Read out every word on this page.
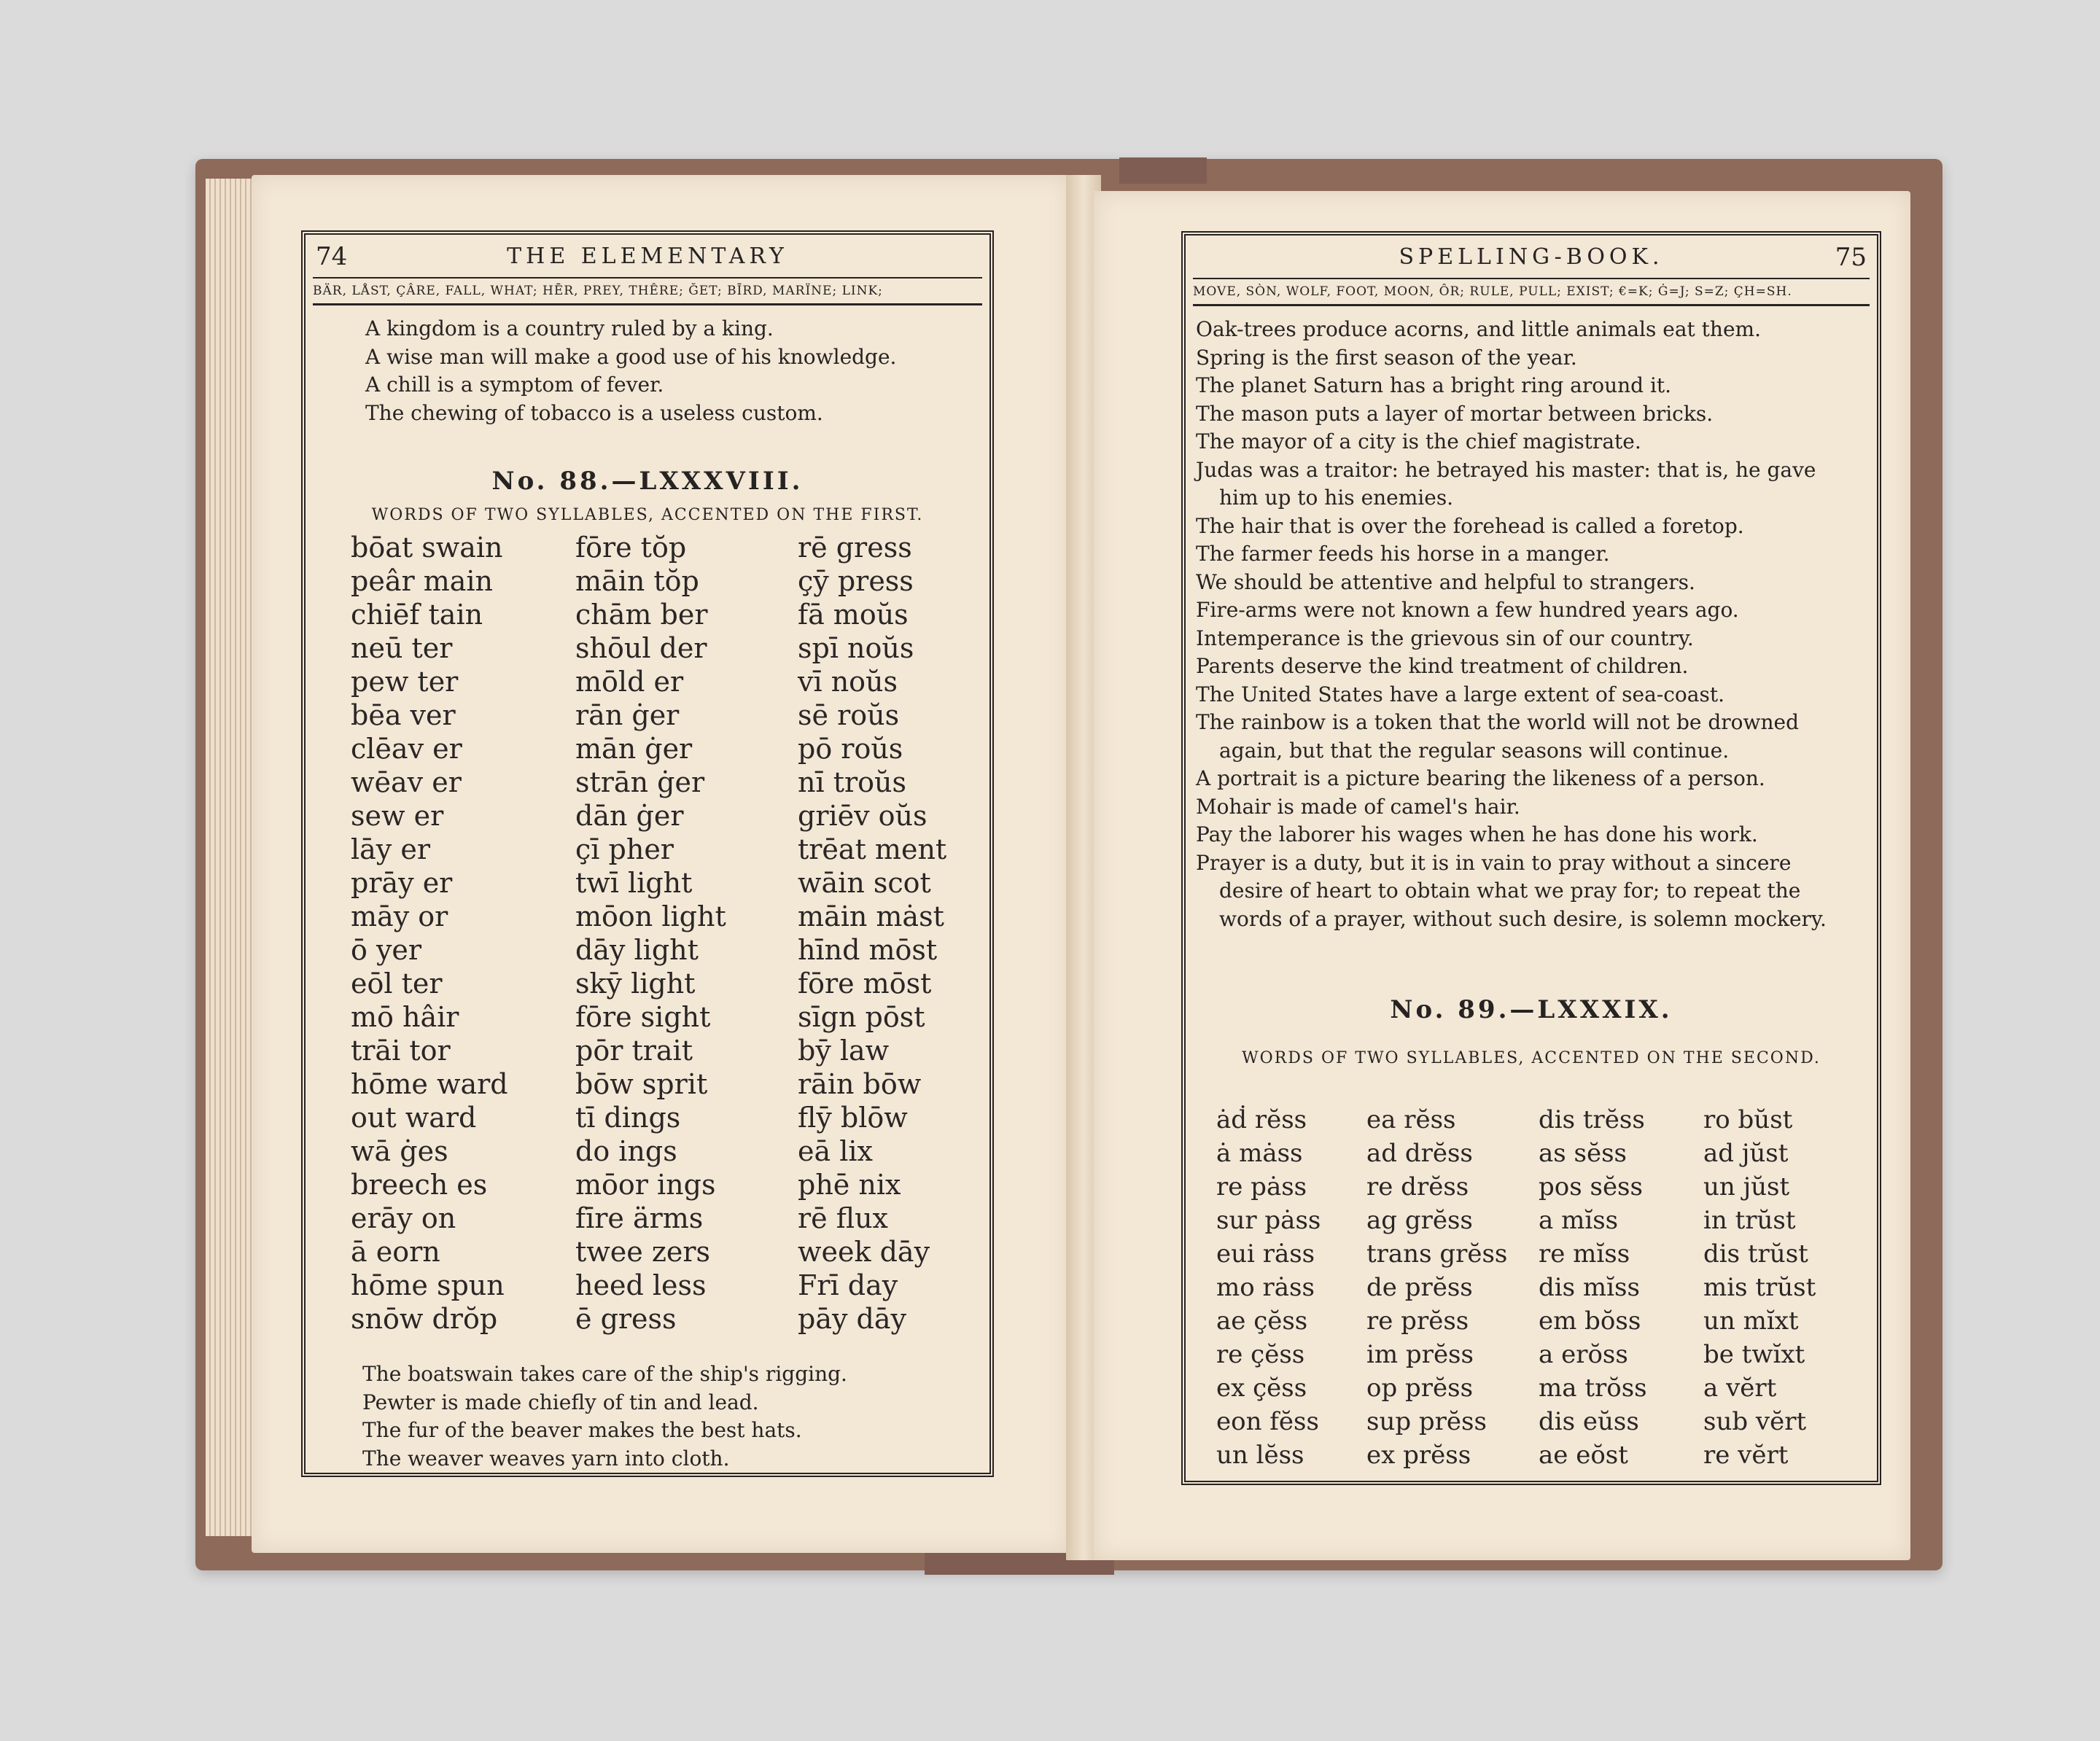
74	THE ELEMENTARY
BÄR, LÅST, ÇÂRE, FALL, WHAT; HĒR, PREY, THÊRE; ĞET; BĪRD, MARÏNE; LINK;
A kingdom is a country ruled by a king.
A wise man will make a good use of his knowledge.
A chill is a symptom of fever.
The chewing of tobacco is a useless custom.
No. 88.—LXXXVIII.
WORDS OF TWO SYLLABLES, ACCENTED ON THE FIRST.
bōat swain
peâr main
chiēf tain
neū ter
pew ter
bēa ver
clēav er
wēav er
sew er
lāy er
prāy er
māy or
ō yer
eōl ter
mō hâir
trāi tor
hōme ward
out ward
wā ġes
breech es
erāy on
ā eorn
hōme spun
snōw drŏp
fōre tŏp
māin tŏp
chām ber
shōul der
mōld er
rān ġer
mān ġer
strān ġer
dān ġer
çī pher
twī light
mōon light
dāy light
skȳ light
fōre sight
pōr trait
bōw sprit
tī dings
do ings
mōor ings
fīre ärms
twee zers
heed less
ē gress
rē gress
çȳ press
fā moŭs
spī noŭs
vī noŭs
sē roŭs
pō roŭs
nī troŭs
griēv oŭs
trēat ment
wāin scot
māin mȧst
hīnd mōst
fōre mōst
sīgn pōst
bȳ law
rāin bōw
flȳ blōw
eā lix
phē nix
rē flux
week dāy
Frī day
pāy dāy
The boatswain takes care of the ship's rigging.
Pewter is made chiefly of tin and lead.
The fur of the beaver makes the best hats.
The weaver weaves yarn into cloth.
SPELLING-BOOK.	75
MOVE, SÒN, WOLF, FOOT, MOON, ÔR; RULE, PULL; EXIST; €=K; Ġ=J; S=Z; ÇH=SH.
Oak-trees produce acorns, and little animals eat them.
Spring is the first season of the year.
The planet Saturn has a bright ring around it.
The mason puts a layer of mortar between bricks.
The mayor of a city is the chief magistrate.
Judas was a traitor: he betrayed his master: that is, he gave
him up to his enemies.
The hair that is over the forehead is called a foretop.
The farmer feeds his horse in a manger.
We should be attentive and helpful to strangers.
Fire-arms were not known a few hundred years ago.
Intemperance is the grievous sin of our country.
Parents deserve the kind treatment of children.
The United States have a large extent of sea-coast.
The rainbow is a token that the world will not be drowned
again, but that the regular seasons will continue.
A portrait is a picture bearing the likeness of a person.
Mohair is made of camel's hair.
Pay the laborer his wages when he has done his work.
Prayer is a duty, but it is in vain to pray without a sincere
desire of heart to obtain what we pray for; to repeat the
words of a prayer, without such desire, is solemn mockery.
No. 89.—LXXXIX.
WORDS OF TWO SYLLABLES, ACCENTED ON THE SECOND.
ȧḋ rĕss
ȧ mȧss
re pȧss
sur pȧss
eui rȧss
mo rȧss
ae çĕss
re çĕss
ex çĕss
eon fĕss
un lĕss
ea rĕss
ad drĕss
re drĕss
ag grĕss
trans grĕss
de prĕss
re prĕss
im prĕss
op prĕss
sup prĕss
ex prĕss
dis trĕss
as sĕss
pos sĕss
a mĭss
re mĭss
dis mĭss
em bŏss
a erŏss
ma trŏss
dis eŭss
ae eŏst
ro bŭst
ad jŭst
un jŭst
in trŭst
dis trŭst
mis trŭst
un mĭxt
be twĭxt
a vĕrt
sub vĕrt
re vĕrt
